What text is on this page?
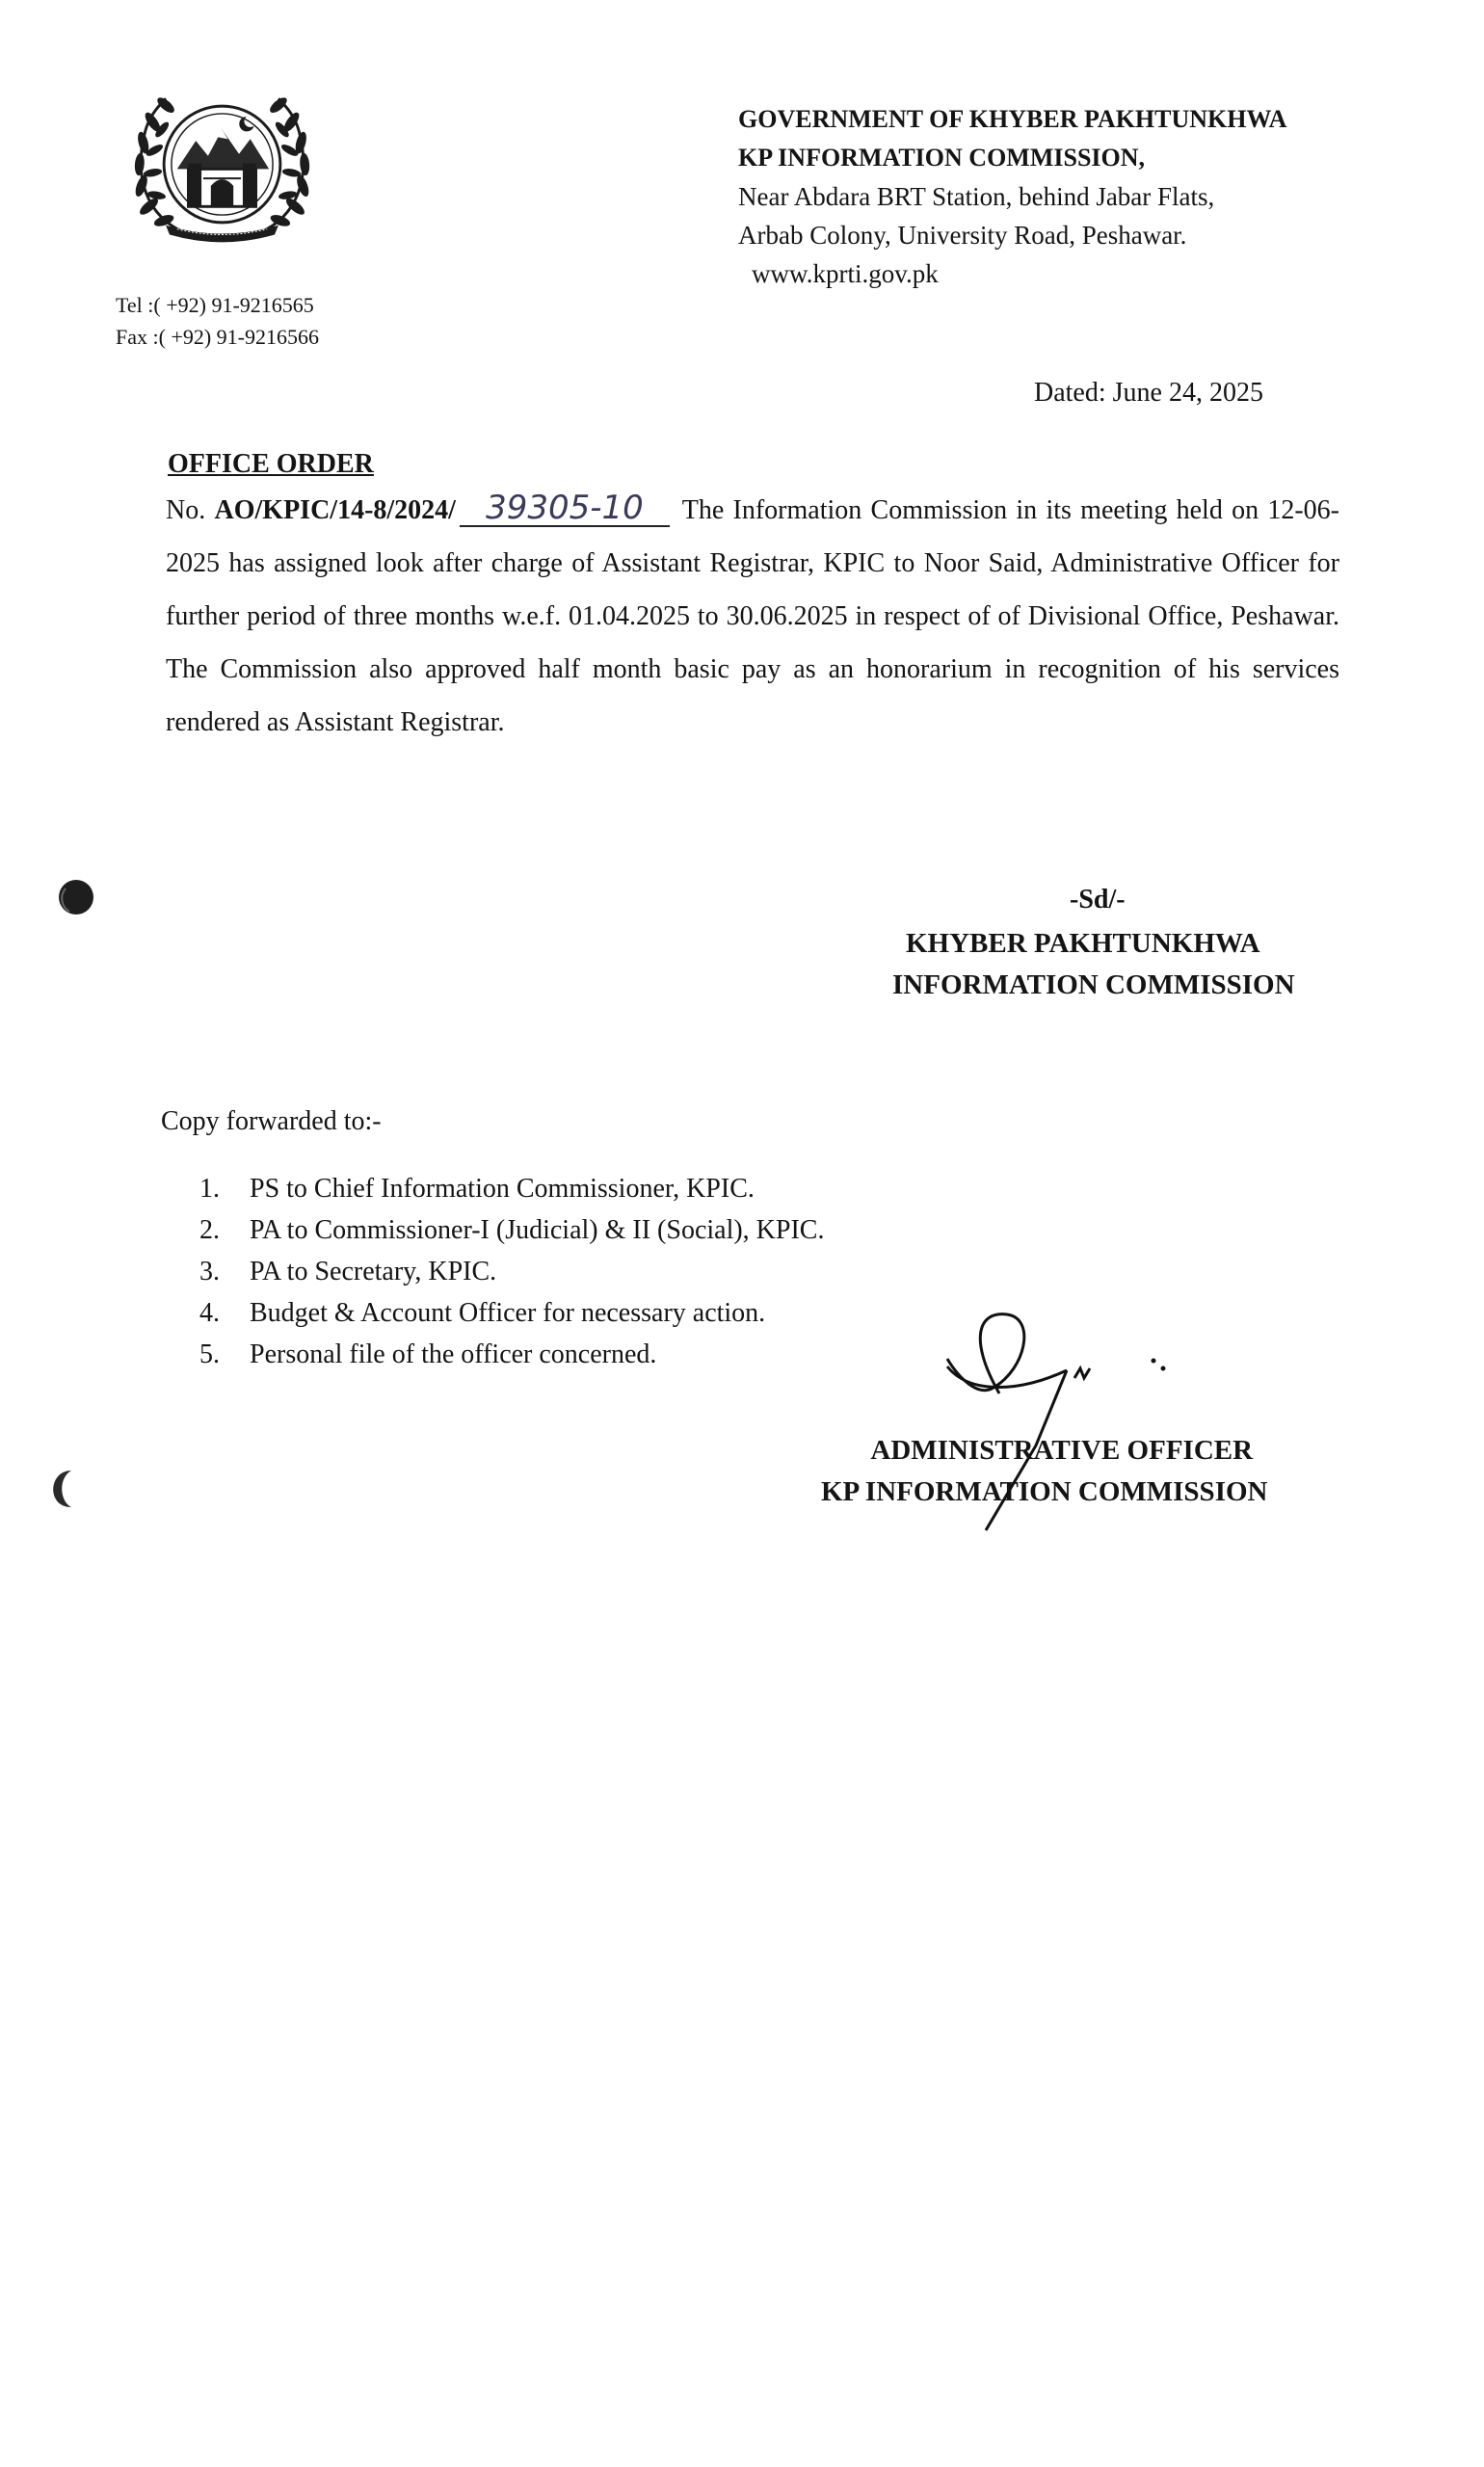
Tel :( +92) 91-9216565
Fax :( +92) 91-9216566
GOVERNMENT OF KHYBER PAKHTUNKHWA
KP INFORMATION COMMISSION,
Near Abdara BRT Station, behind Jabar Flats,
Arbab Colony, University Road, Peshawar.
www.kprti.gov.pk
Dated: June 24, 2025
OFFICE ORDER
No. AO/KPIC/14-8/2024/ 39305-10 The Information Commission in its meeting held on 12-06-2025 has assigned look after charge of Assistant Registrar, KPIC to Noor Said, Administrative Officer for further period of three months w.e.f. 01.04.2025 to 30.06.2025 in respect of of Divisional Office, Peshawar. The Commission also approved half month basic pay as an honorarium in recognition of his services rendered as Assistant Registrar.
-Sd/-
KHYBER PAKHTUNKHWA
INFORMATION COMMISSION
Copy forwarded to:-
1.	PS to Chief Information Commissioner, KPIC.
2.	PA to Commissioner-I (Judicial) & II (Social), KPIC.
3.	PA to Secretary, KPIC.
4.	Budget & Account Officer for necessary action.
5.	Personal file of the officer concerned.
ADMINISTRATIVE OFFICER
KP INFORMATION COMMISSION
